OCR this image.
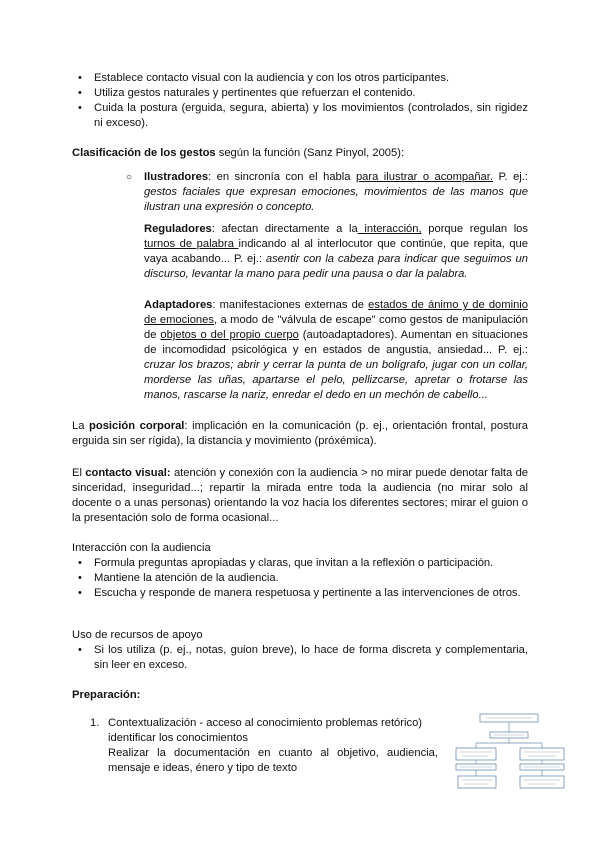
• Establece contacto visual con la audiencia y con los otros participantes.
• Utiliza gestos naturales y pertinentes que refuerzan el contenido.
• Cuida la postura (erguida, segura, abierta) y los movimientos (controlados, sin rigidez ni exceso).

Clasificación de los gestos según la función (Sanz Pinyol, 2005):

○ Ilustradores: en sincronía con el habla para ilustrar o acompañar. P. ej.: gestos faciales que expresan emociones, movimientos de las manos que ilustran una expresión o concepto.

Reguladores: afectan directamente a la interacción, porque regulan los turnos de palabra indicando al al interlocutor que continúe, que repita, que vaya acabando... P. ej.: asentir con la cabeza para indicar que seguimos un discurso, levantar la mano para pedir una pausa o dar la palabra.

Adaptadores: manifestaciones externas de estados de ánimo y de dominio de emociones, a modo de "válvula de escape" como gestos de manipulación de objetos o del propio cuerpo (autoadaptadores). Aumentan en situaciones de incomodidad psicológica y en estados de angustia, ansiedad... P. ej.: cruzar los brazos; abrir y cerrar la punta de un bolígrafo, jugar con un collar, morderse las uñas, apartarse el pelo, pellizcarse, apretar o frotarse las manos, rascarse la nariz, enredar el dedo en un mechón de cabello...

La posición corporal: implicación en la comunicación (p. ej., orientación frontal, postura erguida sin ser rígida), la distancia y movimiento (próxémica).

El contacto visual: atención y conexión con la audiencia > no mirar puede denotar falta de sinceridad, inseguridad...; repartir la mirada entre toda la audiencia (no mirar solo al docente o a unas personas) orientando la voz hacia los diferentes sectores; mirar el guion o la presentación solo de forma ocasional...

Interacción con la audiencia

• Formula preguntas apropiadas y claras, que invitan a la reflexión o participación.
• Mantiene la atención de la audiencia.
• Escucha y responde de manera respetuosa y pertinente a las intervenciones de otros.

Uso de recursos de apoyo

• Si los utiliza (p. ej., notas, guion breve), lo hace de forma discreta y complementaria, sin leer en exceso.

Preparación:

1. Contextualización - acceso al conocimiento problemas retórico)

identificar los conocimientos

Realizar la documentación en cuanto al objetivo, audiencia, mensaje e ideas, énero y tipo de texto
